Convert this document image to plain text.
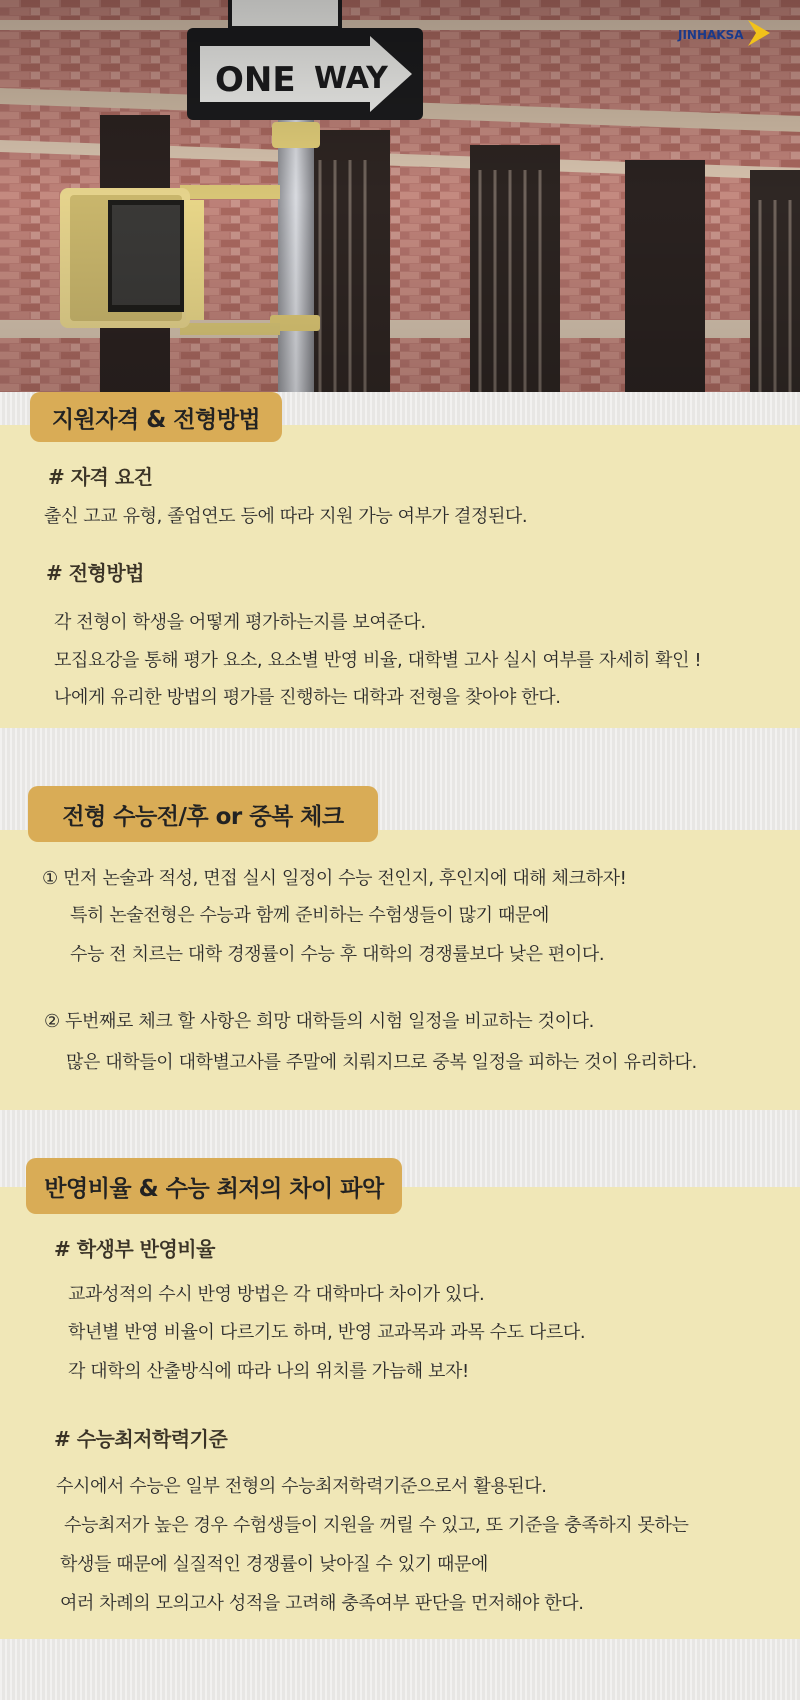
JINHAKSA
지원자격 & 전형방법
# 자격 요건
출신 고교 유형, 졸업연도 등에 따라 지원 가능 여부가 결정된다.
# 전형방법
각 전형이 학생을 어떻게 평가하는지를 보여준다.
모집요강을 통해 평가 요소, 요소별 반영 비율, 대학별 고사 실시 여부를 자세히 확인 !
나에게 유리한 방법의 평가를 진행하는 대학과 전형을 찾아야 한다.
전형 수능전/후 or 중복 체크
① 먼저 논술과 적성, 면접 실시 일정이 수능 전인지, 후인지에 대해 체크하자!
특히 논술전형은 수능과 함께 준비하는 수험생들이 많기 때문에
수능 전 치르는 대학 경쟁률이 수능 후 대학의 경쟁률보다 낮은 편이다.
② 두번째로 체크 할 사항은 희망 대학들의 시험 일정을 비교하는 것이다.
많은 대학들이 대학별고사를 주말에 치뤄지므로 중복 일정을 피하는 것이 유리하다.
반영비율 & 수능 최저의 차이 파악
# 학생부 반영비율
교과성적의 수시 반영 방법은 각 대학마다 차이가 있다.
학년별 반영 비율이 다르기도 하며, 반영 교과목과 과목 수도 다르다.
각 대학의 산출방식에 따라 나의 위치를 가늠해 보자!
# 수능최저학력기준
수시에서 수능은 일부 전형의 수능최저학력기준으로서 활용된다.
수능최저가 높은 경우 수험생들이 지원을 꺼릴 수 있고, 또 기준을 충족하지 못하는
학생들 때문에 실질적인 경쟁률이 낮아질 수 있기 때문에
여러 차례의 모의고사 성적을 고려해 충족여부 판단을 먼저해야 한다.
